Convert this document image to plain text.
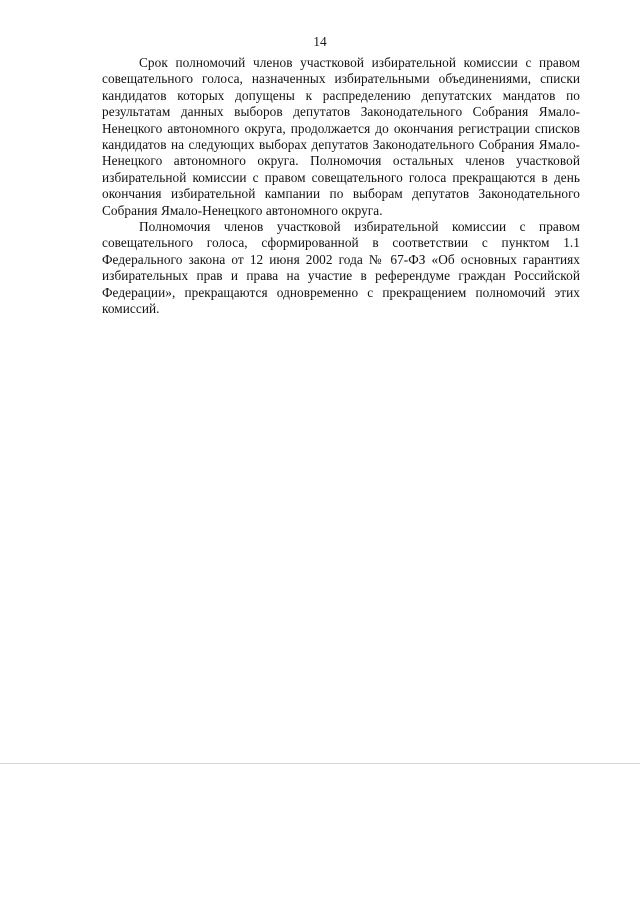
14

Срок полномочий членов участковой избирательной комиссии с правом совещательного голоса, назначенных избирательными объединениями, списки кандидатов которых допущены к распределению депутатских мандатов по результатам данных выборов депутатов Законодательного Собрания Ямало-Ненецкого автономного округа, продолжается до окончания регистрации списков кандидатов на следующих выборах депутатов Законодательного Собрания Ямало-Ненецкого автономного округа. Полномочия остальных членов участковой избирательной комиссии с правом совещательного голоса прекращаются в день окончания избирательной кампании по выборам депутатов Законодательного Собрания Ямало-Ненецкого автономного округа.

Полномочия членов участковой избирательной комиссии с правом совещательного голоса, сформированной в соответствии с пунктом 1.1 Федерального закона от 12 июня 2002 года № 67-ФЗ «Об основных гарантиях избирательных прав и права на участие в референдуме граждан Российской Федерации», прекращаются одновременно с прекращением полномочий этих комиссий.
